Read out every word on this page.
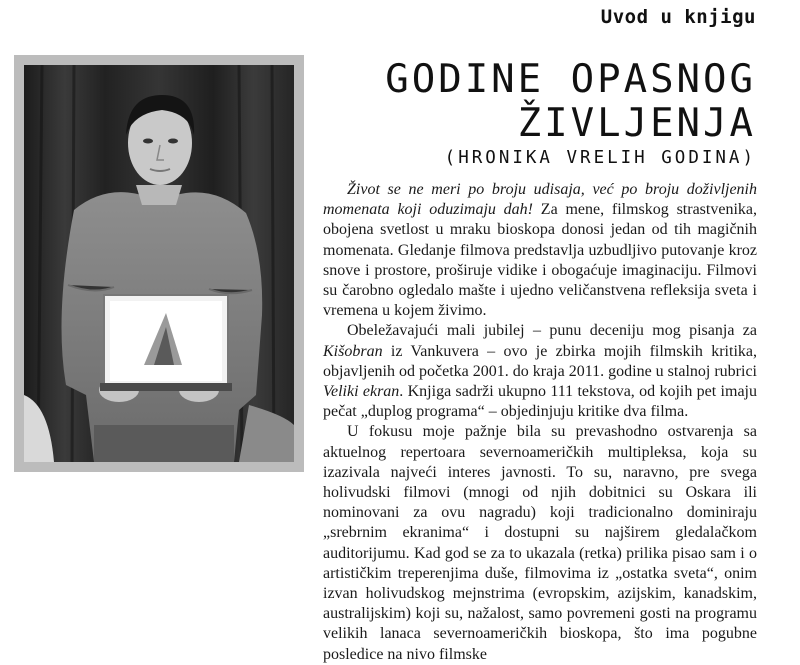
Uvod u knjigu
GODINE OPASNOG
ŽIVLJENJA
(HRONIKA VRELIH GODINA)

Život se ne meri po broju udisaja, već po broju doživljenih momenata koji oduzimaju dah! Za mene, filmskog strastvenika, obojena svetlost u mraku bioskopa donosi jedan od tih magičnih momenata. Gledanje filmova predstavlja uzbudljivo putovanje kroz snove i prostore, proširuje vidike i obogaćuje imaginaciju. Filmovi su čarobno ogledalo mašte i ujedno veličanstvena refleksija sveta i vremena u kojem živimo.

Obeležavajući mali jubilej – punu deceniju mog pisanja za Kišobran iz Vankuvera – ovo je zbirka mojih filmskih kritika, objavljenih od početka 2001. do kraja 2011. godine u stalnoj rubrici Veliki ekran. Knjiga sadrži ukupno 111 tekstova, od kojih pet imaju pečat „duplog programa“ – objedinjuju kritike dva filma.

U fokusu moje pažnje bila su prevashodno ostvarenja sa aktuelnog repertoara severnoameričkih multipleksa, koja su izazivala najveći interes javnosti. To su, naravno, pre svega holivudski filmovi (mnogi od njih dobitnici su Oskara ili nominovani za ovu nagradu) koji tradicionalno dominiraju „srebrnim ekranima“ i dostupni su najširem gledalačkom auditorijumu. Kad god se za to ukazala (retka) prilika pisao sam i o artističkim treperenjima duše, filmovima iz „ostatka sveta“, onim izvan holivudskog mejnstrima (evropskim, azijskim, kanadskim, australijskim) koji su, nažalost, samo povremeni gosti na programu velikih lanaca severnoameričkih bioskopa, što ima pogubne posledice na nivo filmske
